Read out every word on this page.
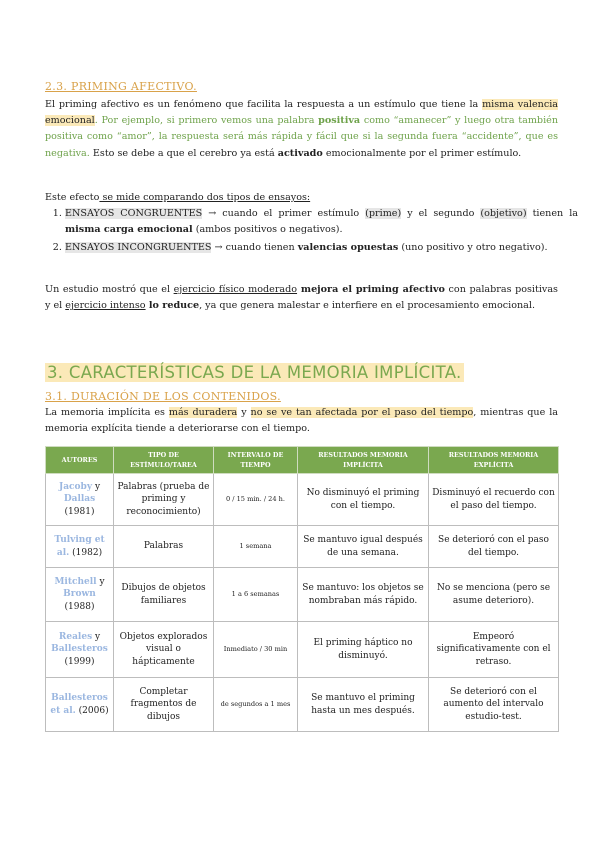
2.3. PRIMING AFECTIVO.
El priming afectivo es un fenómeno que facilita la respuesta a un estímulo que tiene la misma valencia emocional. Por ejemplo, si primero vemos una palabra positiva como “amanecer” y luego otra también positiva como “amor”, la respuesta será más rápida y fácil que si la segunda fuera “accidente”, que es negativa. Esto se debe a que el cerebro ya está activado emocionalmente por el primer estímulo.
Este efecto se mide comparando dos tipos de ensayos:
1. ENSAYOS CONGRUENTES → cuando el primer estímulo (prime) y el segundo (objetivo) tienen la misma carga emocional (ambos positivos o negativos).
2. ENSAYOS INCONGRUENTES → cuando tienen valencias opuestas (uno positivo y otro negativo).
Un estudio mostró que el ejercicio físico moderado mejora el priming afectivo con palabras positivas y el ejercicio intenso lo reduce, ya que genera malestar e interfiere en el procesamiento emocional.
3. CARACTERÍSTICAS DE LA MEMORIA IMPLÍCITA.
3.1. DURACIÓN DE LOS CONTENIDOS.
La memoria implícita es más duradera y no se ve tan afectada por el paso del tiempo, mientras que la memoria explícita tiende a deteriorarse con el tiempo.
AUTORES	TIPO DE ESTÍMULO/TAREA	INTERVALO DE TIEMPO	RESULTADOS MEMORIA IMPLÍCITA	RESULTADOS MEMORIA EXPLÍCITA
Jacoby y
Dallas
(1981)	Palabras (prueba de priming y reconocimiento)	0 / 15 min. / 24 h.	No disminuyó el priming con el tiempo.	Disminuyó el recuerdo con el paso del tiempo.
Tulving et al. (1982)	Palabras	1 semana	Se mantuvo igual después de una semana.	Se deterioró con el paso del tiempo.
Mitchell y
Brown
(1988)	Dibujos de objetos familiares	1 a 6 semanas	Se mantuvo: los objetos se nombraban más rápido.	No se menciona (pero se asume deterioro).
Reales y
Ballesteros
(1999)	Objetos explorados visual o hápticamente	Inmediato / 30 min	El priming háptico no disminuyó.	Empeoró significativamente con el retraso.
Ballesteros et al. (2006)	Completar fragmentos de dibujos	de segundos a 1 mes	Se mantuvo el priming hasta un mes después.	Se deterioró con el aumento del intervalo estudio-test.
